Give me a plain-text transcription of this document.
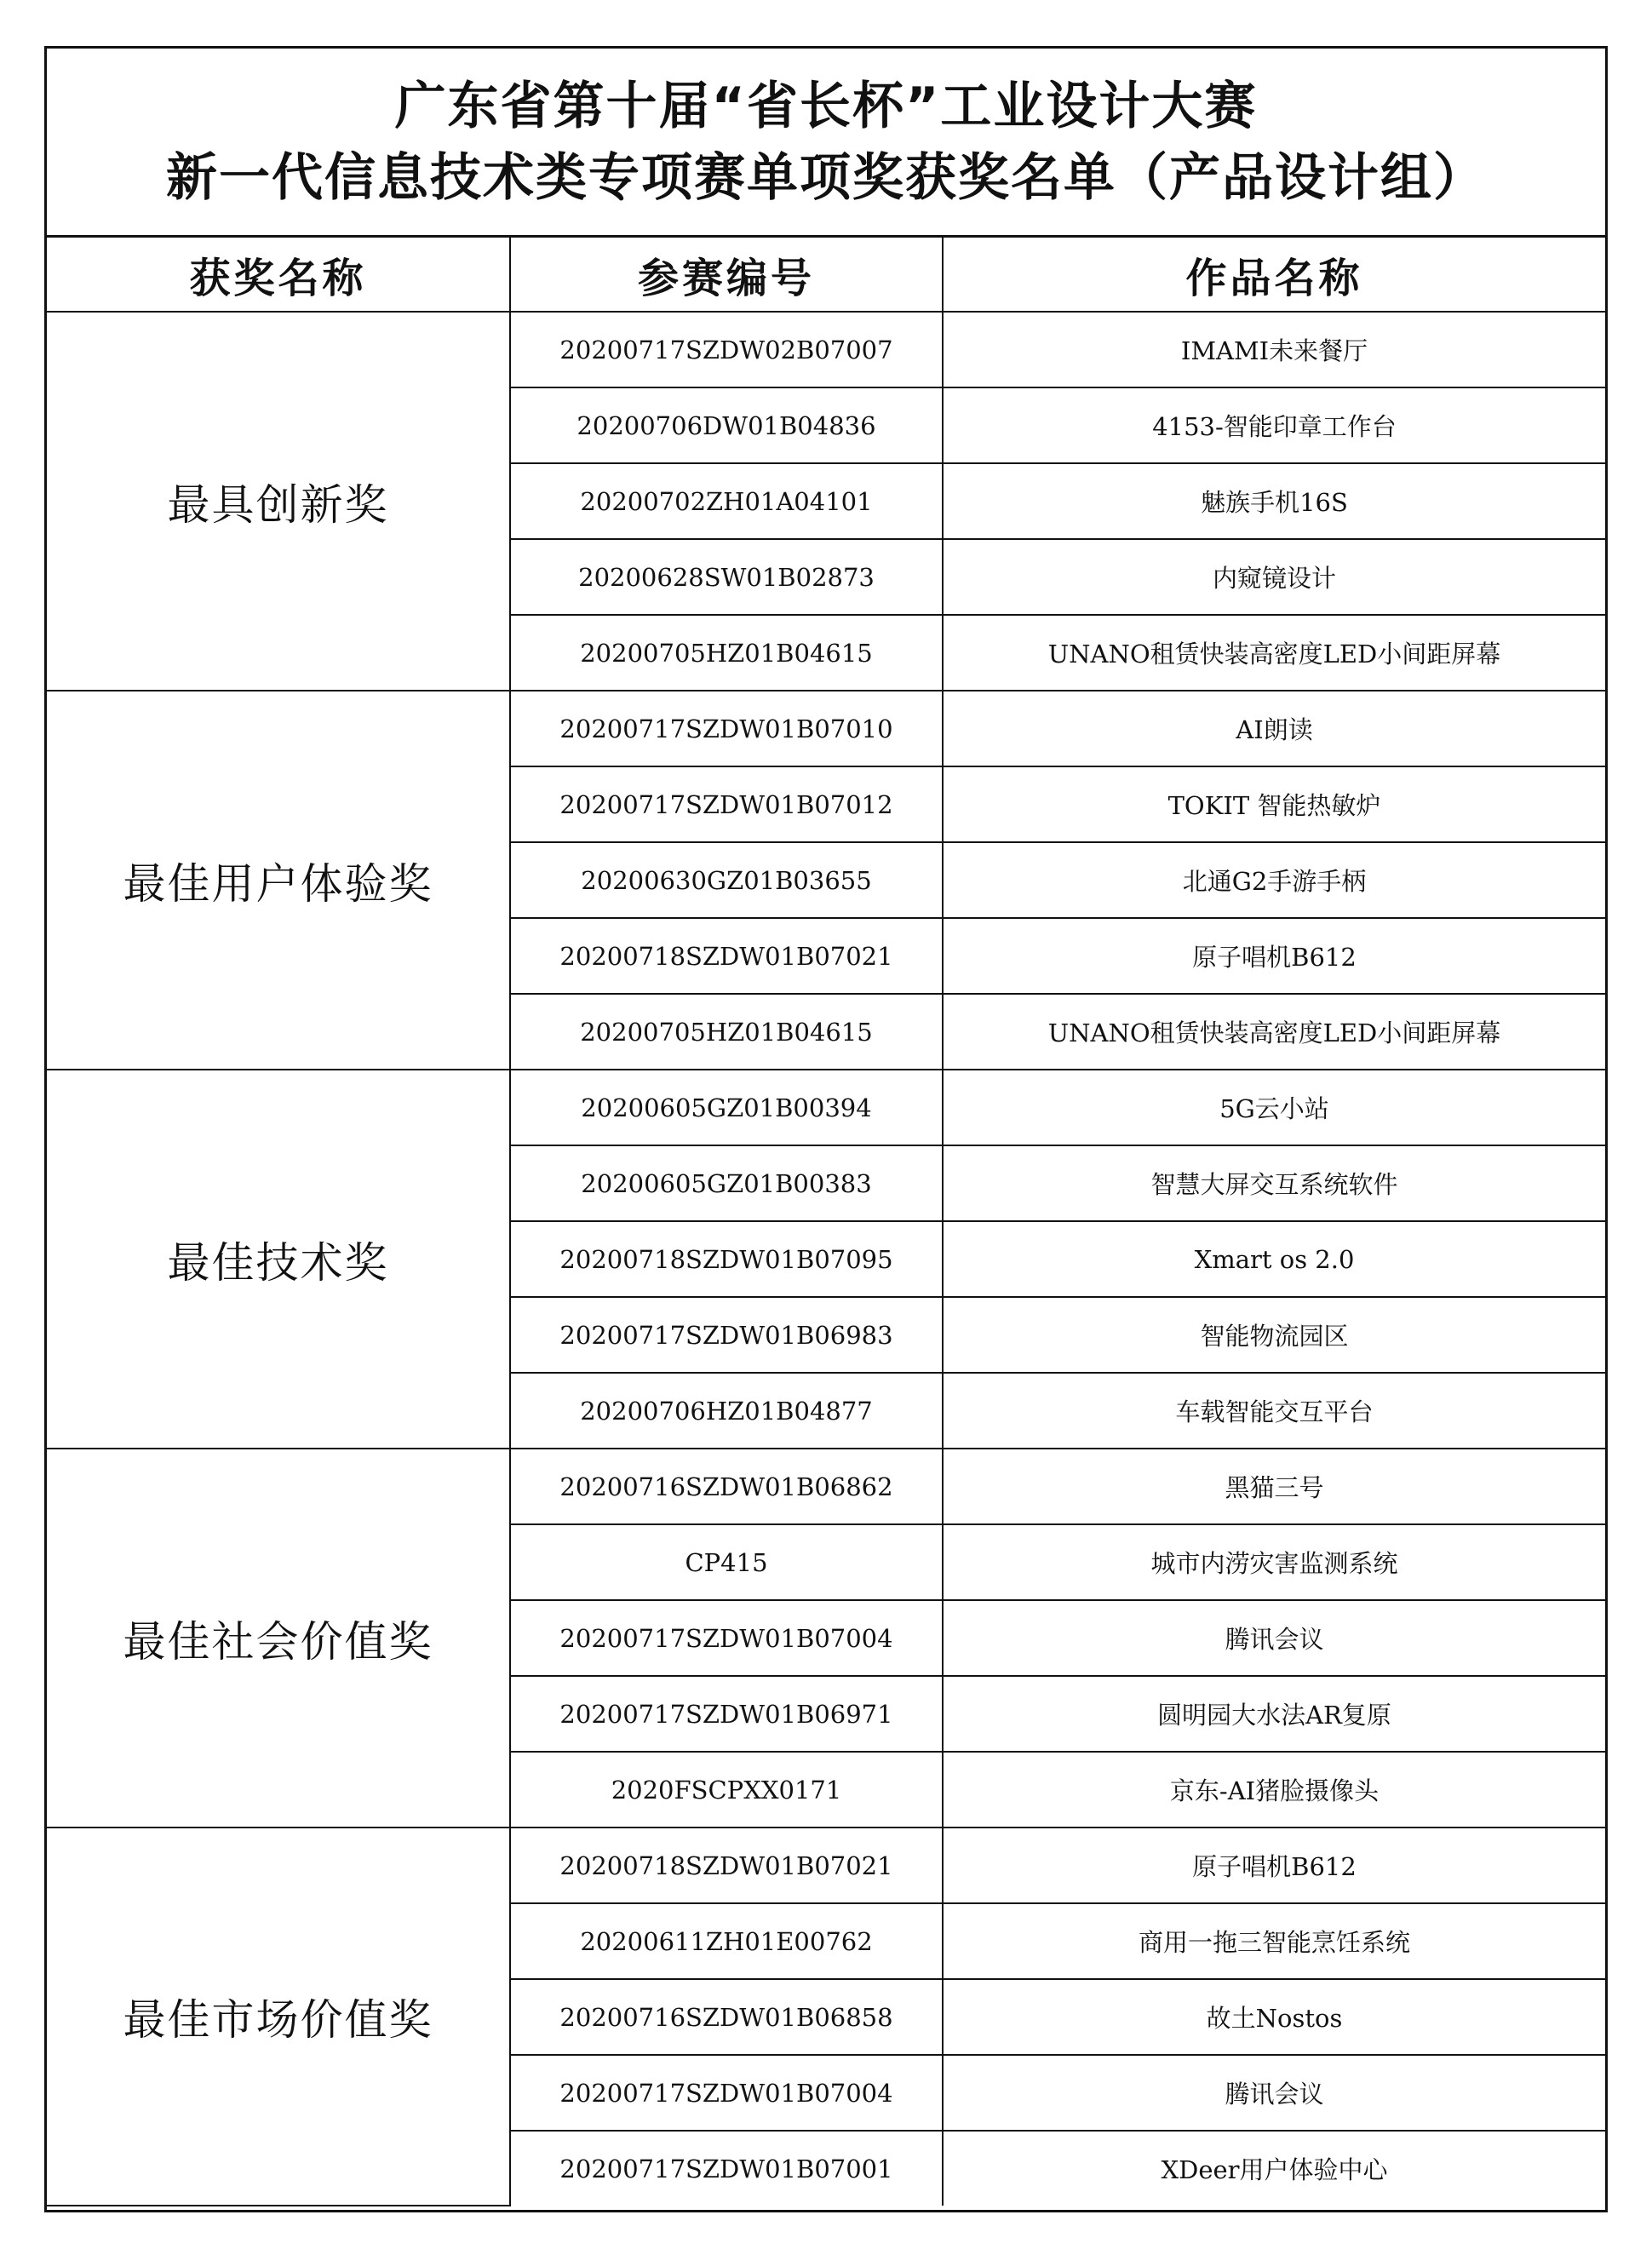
广东省第十届“省长杯”工业设计大赛
新一代信息技术类专项赛单项奖获奖名单（产品设计组）
获奖名称	参赛编号	作品名称
最具创新奖	20200717SZDW02B07007	IMAMI未来餐厅
	20200706DW01B04836	4153-智能印章工作台
	20200702ZH01A04101	魅族手机16S
	20200628SW01B02873	内窥镜设计
	20200705HZ01B04615	UNANO租赁快装高密度LED小间距屏幕
最佳用户体验奖	20200717SZDW01B07010	AI朗读
	20200717SZDW01B07012	TOKIT 智能热敏炉
	20200630GZ01B03655	北通G2手游手柄
	20200718SZDW01B07021	原子唱机B612
	20200705HZ01B04615	UNANO租赁快装高密度LED小间距屏幕
最佳技术奖	20200605GZ01B00394	5G云小站
	20200605GZ01B00383	智慧大屏交互系统软件
	20200718SZDW01B07095	Xmart os 2.0
	20200717SZDW01B06983	智能物流园区
	20200706HZ01B04877	车载智能交互平台
最佳社会价值奖	20200716SZDW01B06862	黑猫三号
	CP415	城市内涝灾害监测系统
	20200717SZDW01B07004	腾讯会议
	20200717SZDW01B06971	圆明园大水法AR复原
	2020FSCPXX0171	京东-AI猪脸摄像头
最佳市场价值奖	20200718SZDW01B07021	原子唱机B612
	20200611ZH01E00762	商用一拖三智能烹饪系统
	20200716SZDW01B06858	故土Nostos
	20200717SZDW01B07004	腾讯会议
	20200717SZDW01B07001	XDeer用户体验中心
